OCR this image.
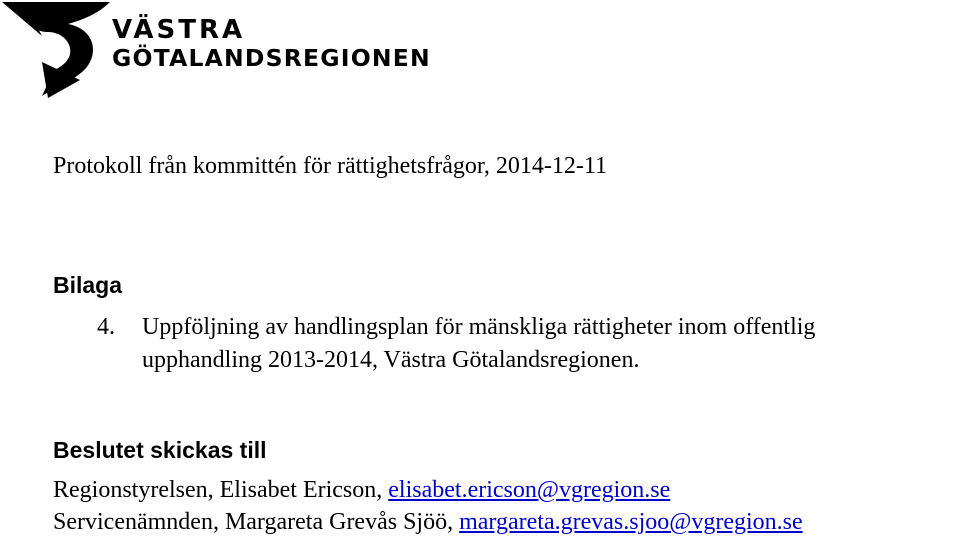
VÄSTRA
GÖTALANDSREGIONEN
Protokoll från kommittén för rättighetsfrågor, 2014-12-11
Bilaga
4. Uppföljning av handlingsplan för mänskliga rättigheter inom offentlig
upphandling 2013-2014, Västra Götalandsregionen.
Beslutet skickas till
Regionstyrelsen, Elisabet Ericson, elisabet.ericson@vgregion.se
Servicenämnden, Margareta Grevås Sjöö, margareta.grevas.sjoo@vgregion.se
